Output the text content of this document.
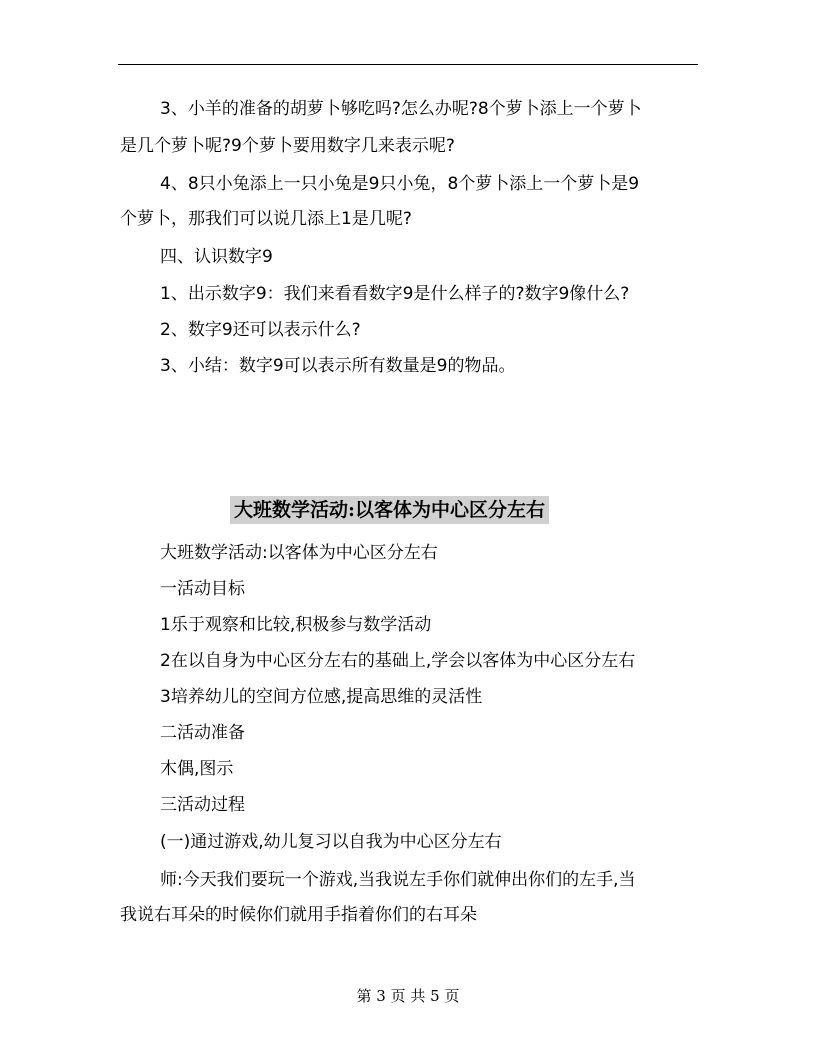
3、小羊的准备的胡萝卜够吃吗?怎么办呢?8个萝卜添上一个萝卜
是几个萝卜呢?9个萝卜要用数字几来表示呢?
4、8只小兔添上一只小兔是9只小兔，8个萝卜添上一个萝卜是9
个萝卜，那我们可以说几添上1是几呢?
四、认识数字9
1、出示数字9：我们来看看数字9是什么样子的?数字9像什么?
2、数字9还可以表示什么?
3、小结：数字9可以表示所有数量是9的物品。
大班数学活动:以客体为中心区分左右
大班数学活动:以客体为中心区分左右
一活动目标
1乐于观察和比较,积极参与数学活动
2在以自身为中心区分左右的基础上,学会以客体为中心区分左右
3培养幼儿的空间方位感,提高思维的灵活性
二活动准备
木偶,图示
三活动过程
(一)通过游戏,幼儿复习以自我为中心区分左右
师:今天我们要玩一个游戏,当我说左手你们就伸出你们的左手,当
我说右耳朵的时候你们就用手指着你们的右耳朵
第 3 页 共 5 页
